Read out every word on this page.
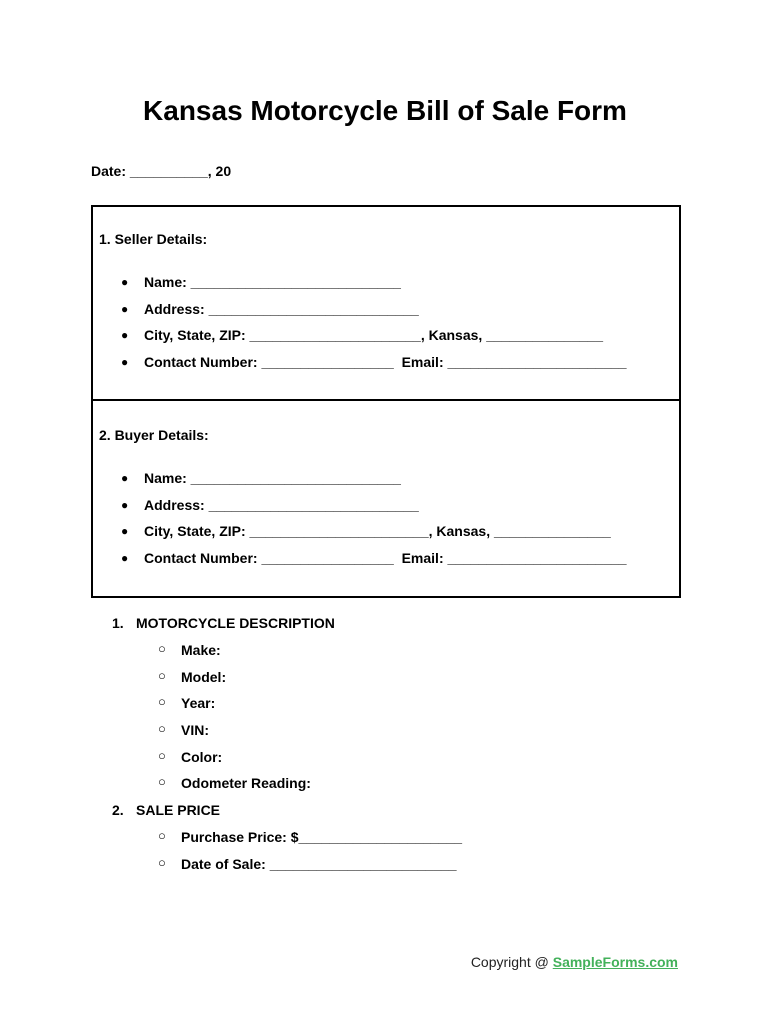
Kansas Motorcycle Bill of Sale Form
Date: __________, 20
1. Seller Details:
● Name: ___________________________
● Address: ___________________________
● City, State, ZIP: ______________________, Kansas, _______________
● Contact Number: _________________  Email: _______________________
2. Buyer Details:
● Name: ___________________________
● Address: ___________________________
● City, State, ZIP: _______________________, Kansas, _______________
● Contact Number: _________________  Email: _______________________
1. MOTORCYCLE DESCRIPTION
○ Make:
○ Model:
○ Year:
○ VIN:
○ Color:
○ Odometer Reading:
2. SALE PRICE
○ Purchase Price: $_____________________
○ Date of Sale: ________________________
Copyright @ SampleForms.com
